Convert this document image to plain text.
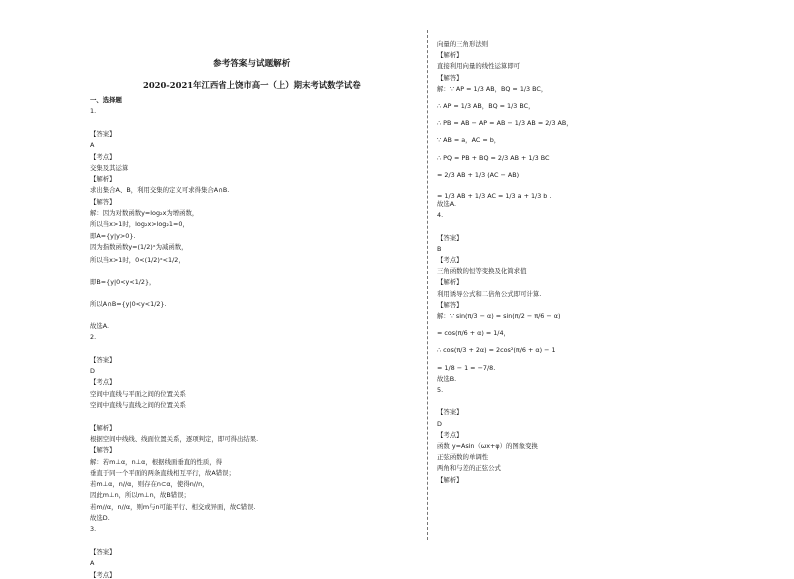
参考答案与试题解析
2020-2021年江西省上饶市高一（上）期末考试数学试卷
一、选择题
1.
【答案】
A
【考点】
交集及其运算
【解析】
求出集合A、B，利用交集的定义可求得集合A∩B.
【解答】
解：因为对数函数y=log₂x为增函数，
所以当x>1时，log₂x>log₂1=0，
即A={y|y>0}.
因为指数函数y=(1/2)ˣ为减函数，
所以当x>1时，0<(1/2)ˣ<1/2，
即B={y|0<y<1/2}，
所以A∩B={y|0<y<1/2}.
故选A.
2.
【答案】
D
【考点】
空间中直线与平面之间的位置关系
空间中直线与直线之间的位置关系
【解析】
根据空间中线线、线面位置关系，逐项判定，即可得出结果.
【解答】
解：若m⊥α，n⊥α，根据线面垂直的性质，得
垂直于同一个平面的两条直线相互平行，故A错误；
若m⊥α，n//α，则存在n⊂α，使得n//n，
因此m⊥n，所以m⊥n，故B错误；
若m//α，n//α，则m与n可能平行、相交或异面，故C错误.
故选D.
3.
【答案】
A
【考点】
向量的三角形法则
【解析】
直接利用向量的线性运算即可
【解答】
解：∵ AP = 1/3 AB，BQ = 1/3 BC，
∴ AP = 1/3 AB，BQ = 1/3 BC，
∴ PB = AB − AP = AB − 1/3 AB = 2/3 AB，
∵ AB = a，AC = b，
∴ PQ = PB + BQ = 2/3 AB + 1/3 BC
= 2/3 AB + 1/3 (AC − AB)
= 1/3 AB + 1/3 AC = 1/3 a + 1/3 b .
故选A.
4.
【答案】
B
【考点】
三角函数的恒等变换及化简求值
【解析】
利用诱导公式和二倍角公式即可计算.
【解答】
解：∵ sin(π/3 − α) = sin(π/2 − π/6 − α)
= cos(π/6 + α) = 1/4，
∴ cos(π/3 + 2α) = 2cos²(π/6 + α) − 1
= 1/8 − 1 = −7/8.
故选B.
5.
【答案】
D
【考点】
函数 y=Asin（ωx+φ）的图象变换
正弦函数的单调性
两角和与差的正弦公式
【解析】
